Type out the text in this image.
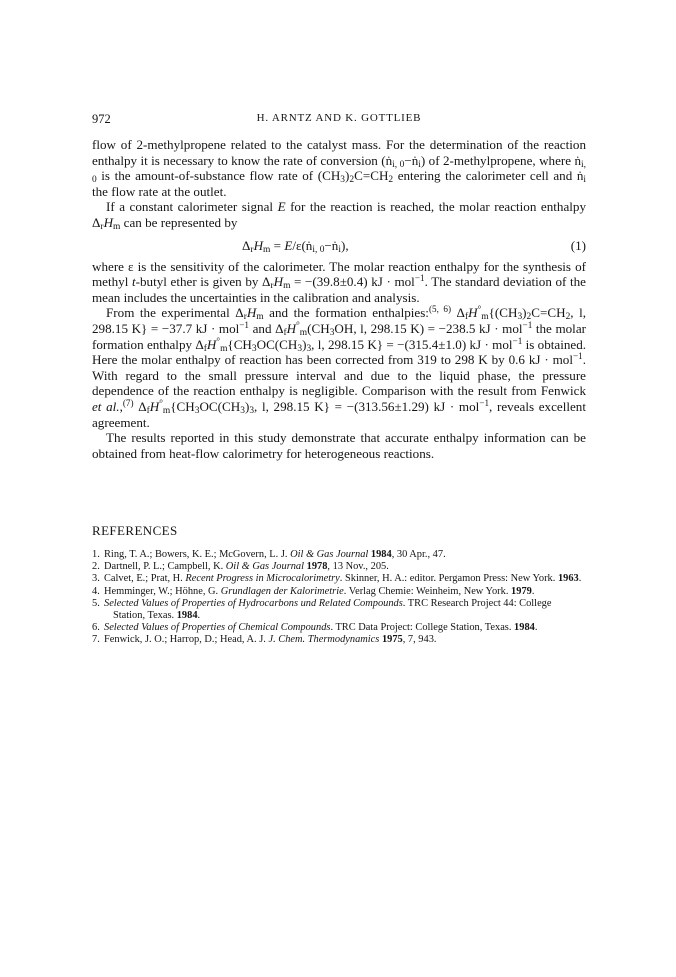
972	H. ARNTZ AND K. GOTTLIEB

flow of 2-methylpropene related to the catalyst mass. For the determination of the reaction enthalpy it is necessary to know the rate of conversion (ṅ$_{i, 0}$−ṅ$_i$) of 2-methylpropene, where ṅ$_{i, 0}$ is the amount-of-substance flow rate of $(CH_3)_2C=CH_2$ entering the calorimeter cell and ṅ$_i$ the flow rate at the outlet.

If a constant calorimeter signal E for the reaction is reached, the molar reaction enthalpy $\Delta_rH_m$ can be represented by

$\Delta_rH_m$ = E/ε(ṅ$_{i, 0}$−ṅ$_i$),	(1)

where ε is the sensitivity of the calorimeter. The molar reaction enthalpy for the synthesis of methyl t-butyl ether is given by $\Delta_rH_m = -(39.8\pm 0.4)$ kJ · mol$^{-1}$. The standard deviation of the mean includes the uncertainties in the calibration and analysis.

From the experimental $\Delta_rH_m$ and the formation enthalpies:$^{(5, 6)}$ $\Delta_fH^\circ_m\{(CH_3)_2C=CH_2$, l, 298.15 K} = −37.7 kJ · mol$^{-1}$ and $\Delta_fH^\circ_m(CH_3OH$, l, 298.15 K) = −238.5 kJ · mol$^{-1}$ the molar formation enthalpy $\Delta_fH^\circ_m\{CH_3OC(CH_3)_3$, l, 298.15 K} = −(315.4±1.0) kJ · mol$^{-1}$ is obtained. Here the molar enthalpy of reaction has been corrected from 319 to 298 K by 0.6 kJ · mol$^{-1}$. With regard to the small pressure interval and due to the liquid phase, the pressure dependence of the reaction enthalpy is negligible. Comparison with the result from Fenwick et al.,$^{(7)}$ $\Delta_fH^\circ_m\{CH_3OC(CH_3)_3$, l, 298.15 K} = −(313.56±1.29) kJ · mol$^{-1}$, reveals excellent agreement.

The results reported in this study demonstrate that accurate enthalpy information can be obtained from heat-flow calorimetry for heterogeneous reactions.

REFERENCES
1. Ring, T. A.; Bowers, K. E.; McGovern, L. J. Oil & Gas Journal 1984, 30 Apr., 47.
2. Dartnell, P. L.; Campbell, K. Oil & Gas Journal 1978, 13 Nov., 205.
3. Calvet, E.; Prat, H. Recent Progress in Microcalorimetry. Skinner, H. A.: editor. Pergamon Press: New York. 1963.
4. Hemminger, W.; Höhne, G. Grundlagen der Kalorimetrie. Verlag Chemie: Weinheim, New York. 1979.
5. Selected Values of Properties of Hydrocarbons und Related Compounds. TRC Research Project 44: College Station, Texas. 1984.
6. Selected Values of Properties of Chemical Compounds. TRC Data Project: College Station, Texas. 1984.
7. Fenwick, J. O.; Harrop, D.; Head, A. J. J. Chem. Thermodynamics 1975, 7, 943.
